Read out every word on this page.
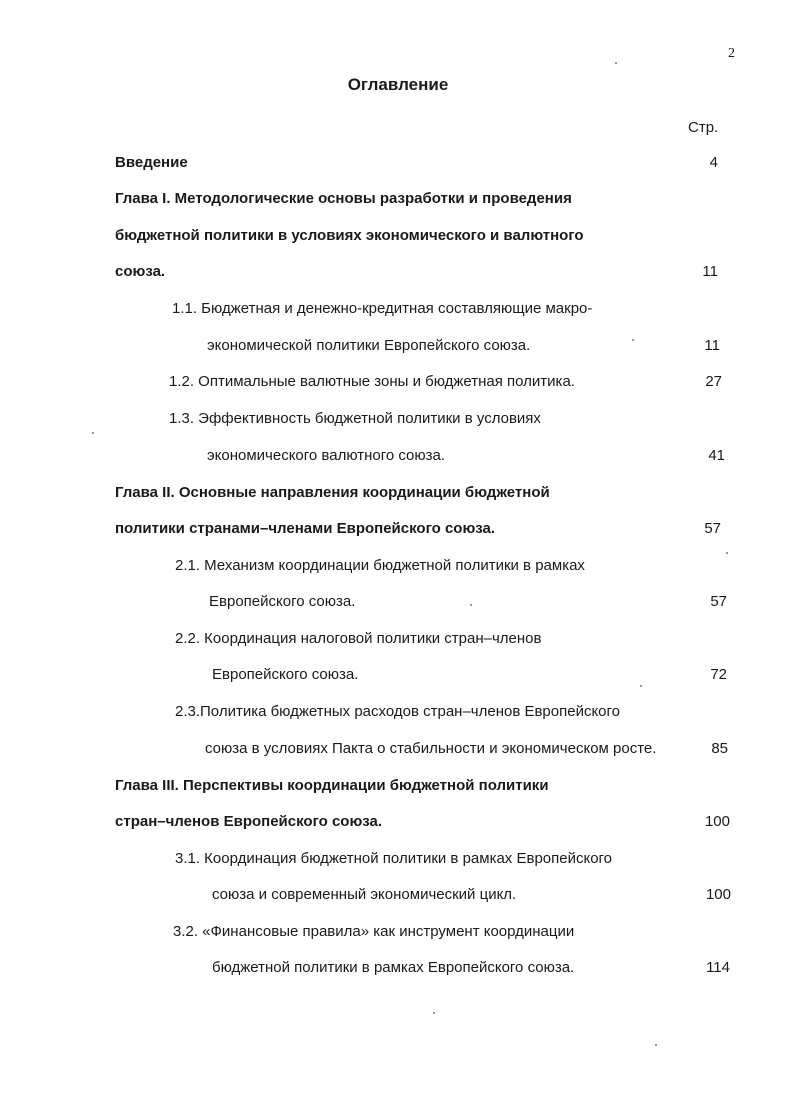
2
Оглавление
Стр.
Введение	4
Глава I. Методологические основы разработки и проведения
бюджетной политики в условиях экономического и валютного
союза.	11
1.1. Бюджетная и денежно-кредитная составляющие макро-
экономической политики Европейского союза.	11
1.2. Оптимальные валютные зоны и бюджетная политика.	27
1.3. Эффективность бюджетной политики в условиях
экономического валютного союза.	41
Глава II. Основные направления координации бюджетной
политики странами–членами Европейского союза.	57
2.1. Механизм координации бюджетной политики в рамках
Европейского союза.	57
2.2. Координация налоговой политики стран–членов
Европейского союза.	72
2.3.Политика бюджетных расходов стран–членов Европейского
союза в условиях Пакта о стабильности и экономическом росте.	85
Глава III. Перспективы координации бюджетной политики
стран–членов Европейского союза.	100
3.1. Координация бюджетной политики в рамках Европейского
союза и современный экономический цикл.	100
3.2. «Финансовые правила» как инструмент координации
бюджетной политики в рамках Европейского союза.	114
